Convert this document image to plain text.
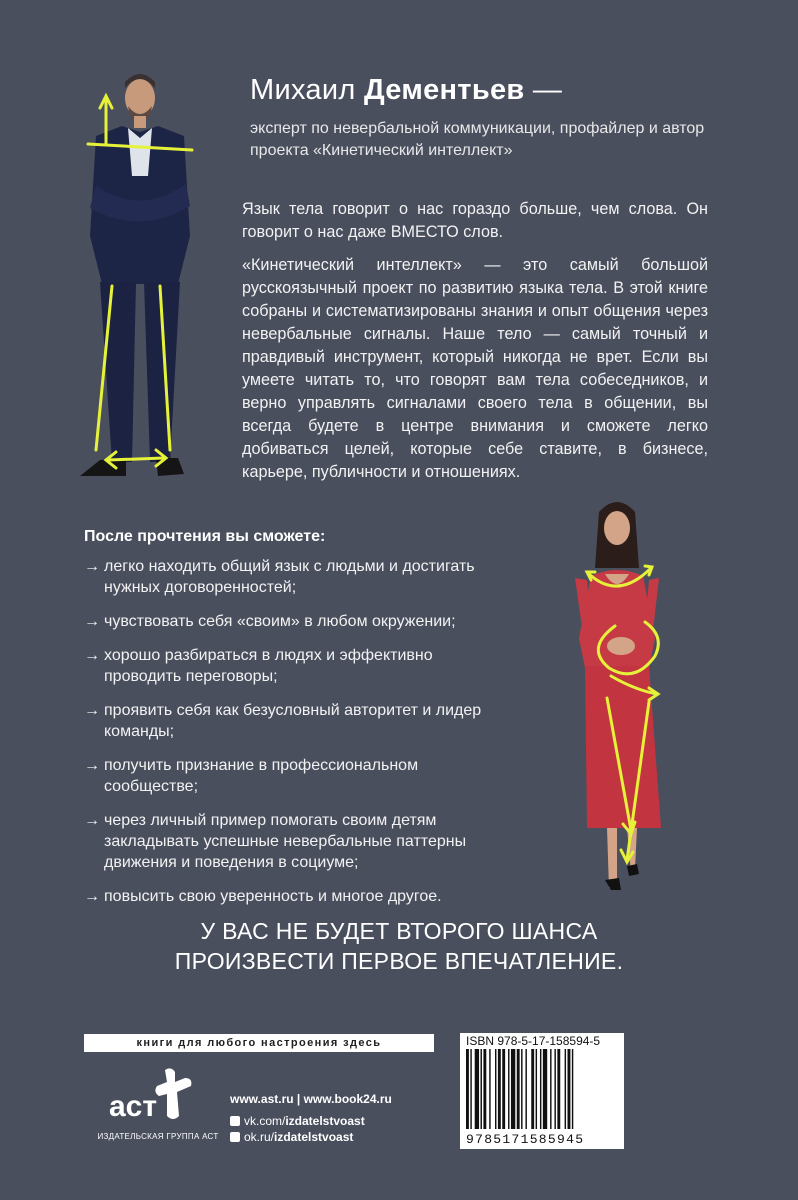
Михаил Дементьев —
эксперт по невербальной коммуникации, профайлер и автор проекта «Кинетический интеллект»

Язык тела говорит о нас гораздо больше, чем слова. Он говорит о нас даже ВМЕСТО слов.

«Кинетический интеллект» — это самый большой русскоязычный проект по развитию языка тела. В этой книге собраны и систематизированы знания и опыт общения через невербальные сигналы. Наше тело — самый точный и правдивый инструмент, который никогда не врет. Если вы умеете читать то, что говорят вам тела собеседников, и верно управлять сигналами своего тела в общении, вы всегда будете в центре внимания и сможете легко добиваться целей, которые себе ставите, в бизнесе, карьере, публичности и отношениях.

После прочтения вы сможете:
→ легко находить общий язык с людьми и достигать нужных договоренностей;
→ чувствовать себя «своим» в любом окружении;
→ хорошо разбираться в людях и эффективно проводить переговоры;
→ проявить себя как безусловный авторитет и лидер команды;
→ получить признание в профессиональном сообществе;
→ через личный пример помогать своим детям закладывать успешные невербальные паттерны движения и поведения в социуме;
→ повысить свою уверенность и многое другое.
У ВАС НЕ БУДЕТ ВТОРОГО ШАНСА
ПРОИЗВЕСТИ ПЕРВОЕ ВПЕЧАТЛЕНИЕ.
книги для любого настроения здесь
аст
ИЗДАТЕЛЬСКАЯ ГРУППА АСТ
www.ast.ru | www.book24.ru
vk.com/izdatelstvoast
ok.ru/izdatelstvoast
ISBN 978-5-17-158594-5
9785171585945
